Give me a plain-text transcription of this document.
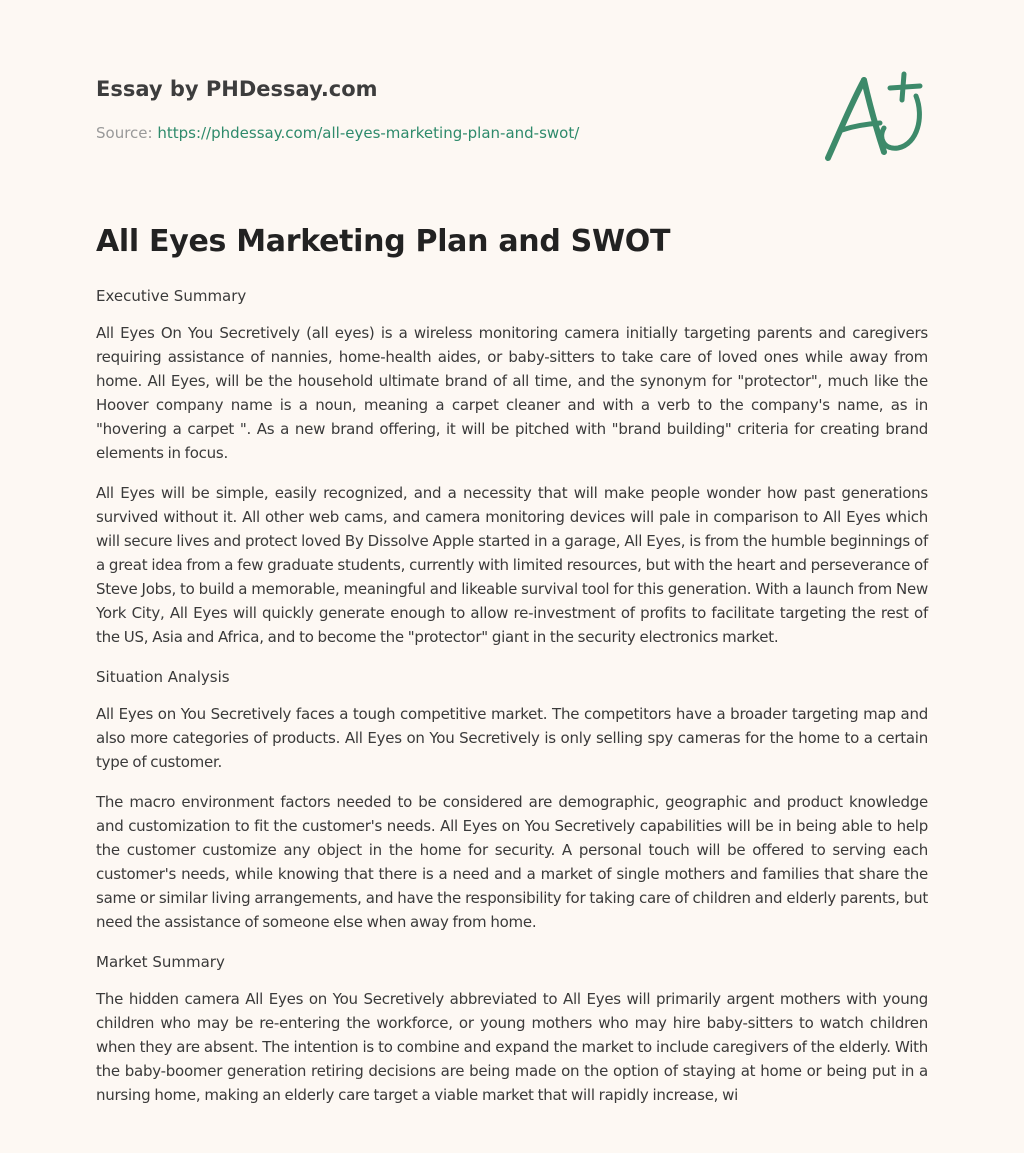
Essay by PHDessay.com
Source: https://phdessay.com/all-eyes-marketing-plan-and-swot/
All Eyes Marketing Plan and SWOT

Executive Summary

All Eyes On You Secretively (all eyes) is a wireless monitoring camera initially targeting parents and caregivers requiring assistance of nannies, home-health aides, or baby-sitters to take care of loved ones while away from home. All Eyes, will be the household ultimate brand of all time, and the synonym for "protector", much like the Hoover company name is a noun, meaning a carpet cleaner and with a verb to the company's name, as in "hovering a carpet ". As a new brand offering, it will be pitched with "brand building" criteria for creating brand elements in focus.

All Eyes will be simple, easily recognized, and a necessity that will make people wonder how past generations survived without it. All other web cams, and camera monitoring devices will pale in comparison to All Eyes which will secure lives and protect loved By Dissolve Apple started in a garage, All Eyes, is from the humble beginnings of a great idea from a few graduate students, currently with limited resources, but with the heart and perseverance of Steve Jobs, to build a memorable, meaningful and likeable survival tool for this generation. With a launch from New York City, All Eyes will quickly generate enough to allow re-investment of profits to facilitate targeting the rest of the US, Asia and Africa, and to become the "protector" giant in the security electronics market.

Situation Analysis

All Eyes on You Secretively faces a tough competitive market. The competitors have a broader targeting map and also more categories of products. All Eyes on You Secretively is only selling spy cameras for the home to a certain type of customer.

The macro environment factors needed to be considered are demographic, geographic and product knowledge and customization to fit the customer's needs. All Eyes on You Secretively capabilities will be in being able to help the customer customize any object in the home for security. A personal touch will be offered to serving each customer's needs, while knowing that there is a need and a market of single mothers and families that share the same or similar living arrangements, and have the responsibility for taking care of children and elderly parents, but need the assistance of someone else when away from home.

Market Summary

The hidden camera All Eyes on You Secretively abbreviated to All Eyes will primarily argent mothers with young children who may be re-entering the workforce, or young mothers who may hire baby-sitters to watch children when they are absent. The intention is to combine and expand the market to include caregivers of the elderly. With the baby-boomer generation retiring decisions are being made on the option of staying at home or being put in a nursing home, making an elderly care target a viable market that will rapidly increase, wi
